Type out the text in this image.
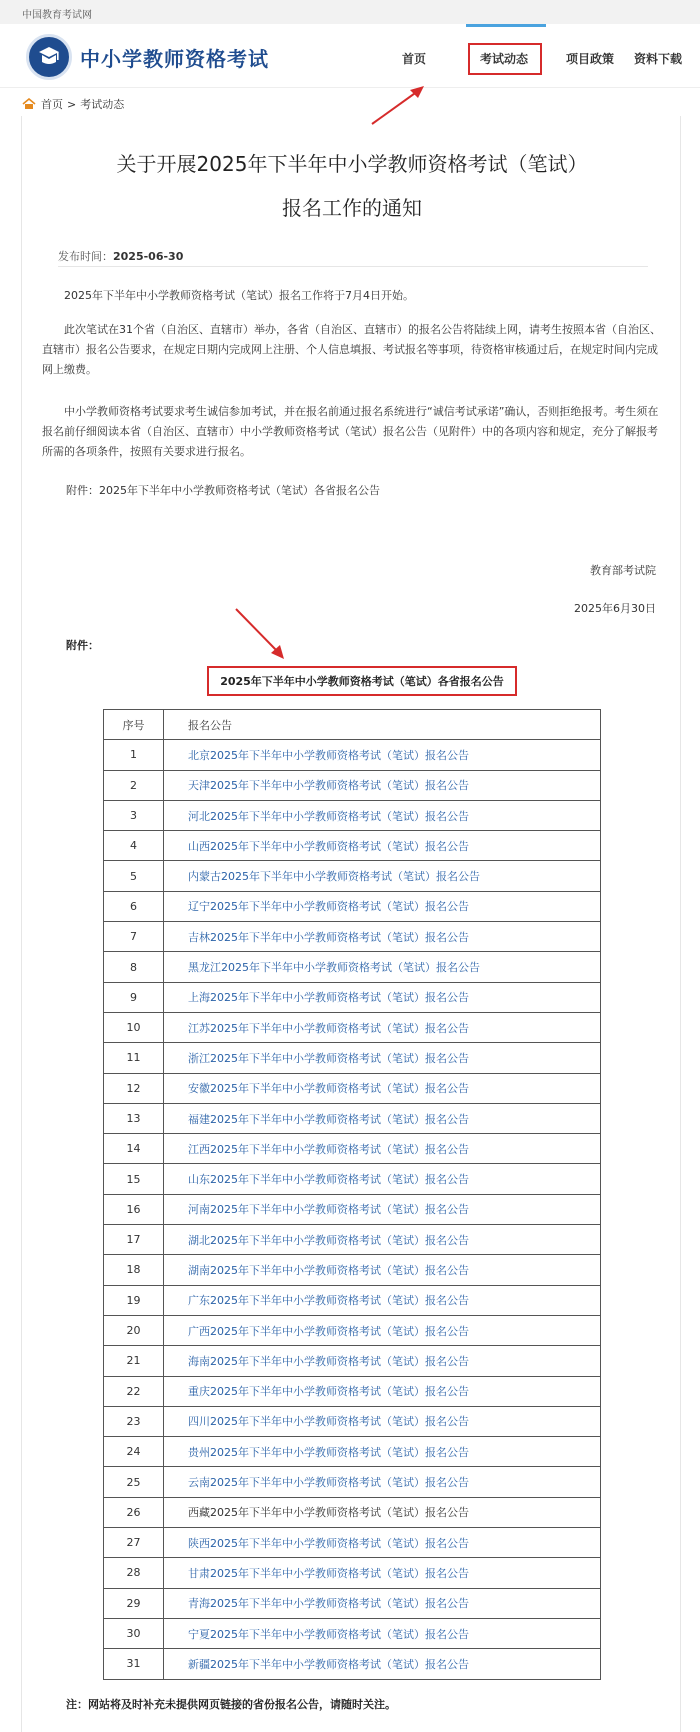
中国教育考试网
中小学教师资格考试	首页	考试动态	项目政策 资料下载
首页 > 考试动态
关于开展2025年下半年中小学教师资格考试（笔试）
报名工作的通知
发布时间：2025-06-30
2025年下半年中小学教师资格考试（笔试）报名工作将于7月4日开始。
此次笔试在31个省（自治区、直辖市）举办，各省（自治区、直辖市）的报名公告将陆续上网，请考生按照本省（自治区、直辖市）报名公告要求，在规定日期内完成网上注册、个人信息填报、考试报名等事项，待资格审核通过后，在规定时间内完成网上缴费。
中小学教师资格考试要求考生诚信参加考试，并在报名前通过报名系统进行“诚信考试承诺”确认，否则拒绝报考。考生须在报名前仔细阅读本省（自治区、直辖市）中小学教师资格考试（笔试）报名公告（见附件）中的各项内容和规定，充分了解报考所需的各项条件，按照有关要求进行报名。
附件：2025年下半年中小学教师资格考试（笔试）各省报名公告
教育部考试院
2025年6月30日
附件：
2025年下半年中小学教师资格考试（笔试）各省报名公告
注：网站将及时补充未提供网页链接的省份报名公告，请随时关注。
序号	报名公告
1	北京2025年下半年中小学教师资格考试（笔试）报名公告
2	天津2025年下半年中小学教师资格考试（笔试）报名公告
3	河北2025年下半年中小学教师资格考试（笔试）报名公告
4	山西2025年下半年中小学教师资格考试（笔试）报名公告
5	内蒙古2025年下半年中小学教师资格考试（笔试）报名公告
6	辽宁2025年下半年中小学教师资格考试（笔试）报名公告
7	吉林2025年下半年中小学教师资格考试（笔试）报名公告
8	黑龙江2025年下半年中小学教师资格考试（笔试）报名公告
9	上海2025年下半年中小学教师资格考试（笔试）报名公告
10	江苏2025年下半年中小学教师资格考试（笔试）报名公告
11	浙江2025年下半年中小学教师资格考试（笔试）报名公告
12	安徽2025年下半年中小学教师资格考试（笔试）报名公告
13	福建2025年下半年中小学教师资格考试（笔试）报名公告
14	江西2025年下半年中小学教师资格考试（笔试）报名公告
15	山东2025年下半年中小学教师资格考试（笔试）报名公告
16	河南2025年下半年中小学教师资格考试（笔试）报名公告
17	湖北2025年下半年中小学教师资格考试（笔试）报名公告
18	湖南2025年下半年中小学教师资格考试（笔试）报名公告
19	广东2025年下半年中小学教师资格考试（笔试）报名公告
20	广西2025年下半年中小学教师资格考试（笔试）报名公告
21	海南2025年下半年中小学教师资格考试（笔试）报名公告
22	重庆2025年下半年中小学教师资格考试（笔试）报名公告
23	四川2025年下半年中小学教师资格考试（笔试）报名公告
24	贵州2025年下半年中小学教师资格考试（笔试）报名公告
25	云南2025年下半年中小学教师资格考试（笔试）报名公告
26	西藏2025年下半年中小学教师资格考试（笔试）报名公告
27	陕西2025年下半年中小学教师资格考试（笔试）报名公告
28	甘肃2025年下半年中小学教师资格考试（笔试）报名公告
29	青海2025年下半年中小学教师资格考试（笔试）报名公告
30	宁夏2025年下半年中小学教师资格考试（笔试）报名公告
31	新疆2025年下半年中小学教师资格考试（笔试）报名公告
